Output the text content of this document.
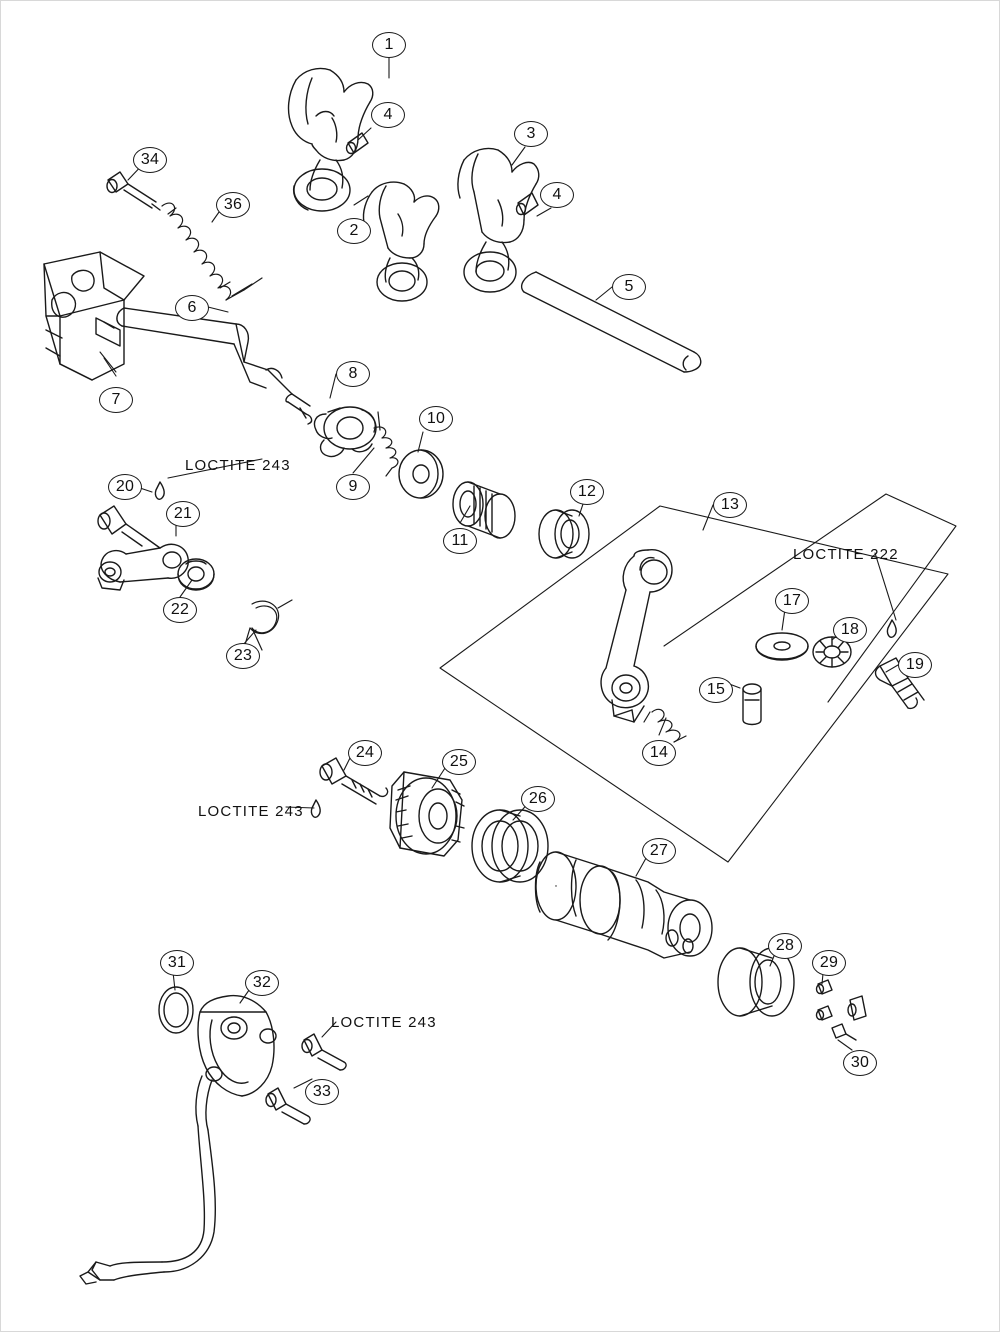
1
2
3
4
4
5
6
7
8
9
10
11
12
13
14
15
17
18
19
20
21
22
23
24
25
26
27
28
29
30
31
32
33
34
36
LOCTITE 243
LOCTITE 222
LOCTITE 243
LOCTITE 243
